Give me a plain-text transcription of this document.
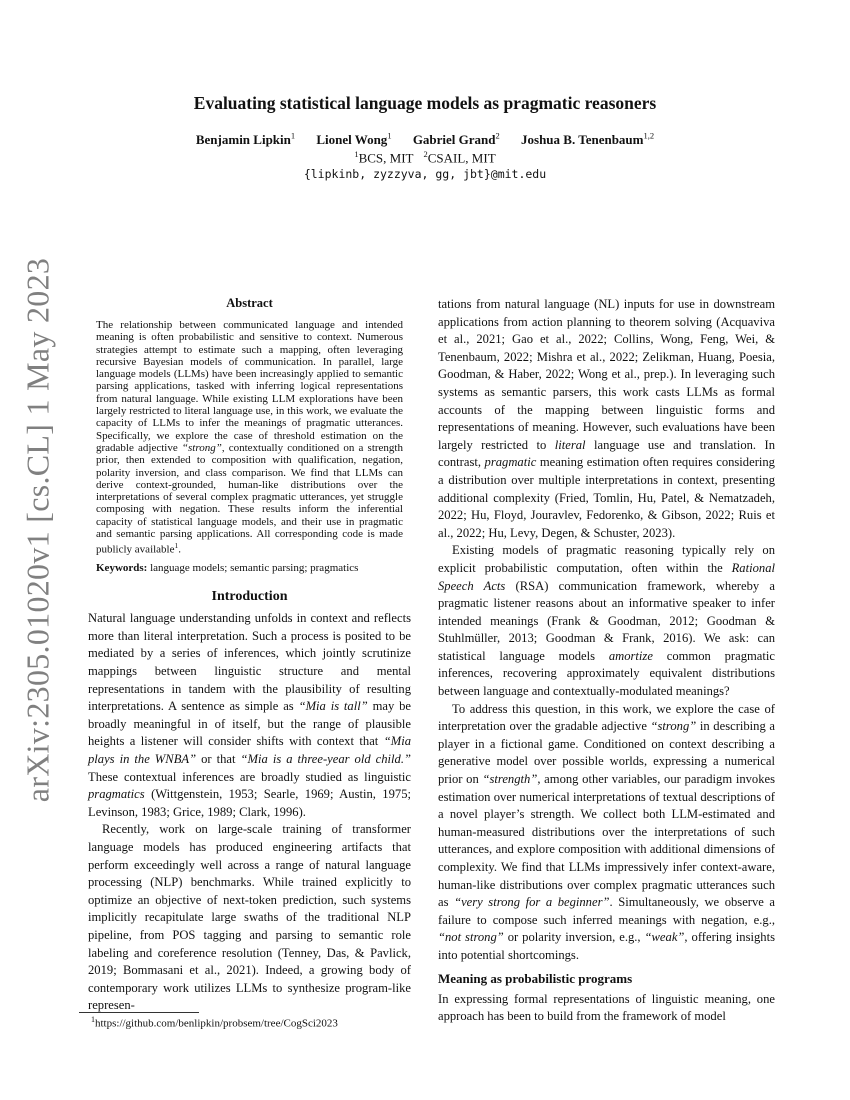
arXiv:2305.01020v1 [cs.CL] 1 May 2023
Evaluating statistical language models as pragmatic reasoners
Benjamin Lipkin$^1$ Lionel Wong$^1$ Gabriel Grand$^2$ Joshua B. Tenenbaum$^{1,2}$
$^1$BCS, MIT $^2$CSAIL, MIT
{lipkinb, zyzzyva, gg, jbt}@mit.edu
Abstract

The relationship between communicated language and intended meaning is often probabilistic and sensitive to context. Numerous strategies attempt to estimate such a mapping, often leveraging recursive Bayesian models of communication. In parallel, large language models (LLMs) have been increasingly applied to semantic parsing applications, tasked with inferring logical representations from natural language. While existing LLM explorations have been largely restricted to literal language use, in this work, we evaluate the capacity of LLMs to infer the meanings of pragmatic utterances. Specifically, we explore the case of threshold estimation on the gradable adjective “strong”, contextually conditioned on a strength prior, then extended to composition with qualification, negation, polarity inversion, and class comparison. We find that LLMs can derive context-grounded, human-like distributions over the interpretations of several complex pragmatic utterances, yet struggle composing with negation. These results inform the inferential capacity of statistical language models, and their use in pragmatic and semantic parsing applications. All corresponding code is made publicly available$^1$.

Keywords: language models; semantic parsing; pragmatics

Introduction

Natural language understanding unfolds in context and reflects more than literal interpretation. Such a process is posited to be mediated by a series of inferences, which jointly scrutinize mappings between linguistic structure and mental representations in tandem with the plausibility of resulting interpretations. A sentence as simple as “Mia is tall” may be broadly meaningful in of itself, but the range of plausible heights a listener will consider shifts with context that “Mia plays in the WNBA” or that “Mia is a three-year old child.” These contextual inferences are broadly studied as linguistic pragmatics (Wittgenstein, 1953; Searle, 1969; Austin, 1975; Levinson, 1983; Grice, 1989; Clark, 1996).

Recently, work on large-scale training of transformer language models has produced engineering artifacts that perform exceedingly well across a range of natural language processing (NLP) benchmarks. While trained explicitly to optimize an objective of next-token prediction, such systems implicitly recapitulate large swaths of the traditional NLP pipeline, from POS tagging and parsing to semantic role labeling and coreference resolution (Tenney, Das, & Pavlick, 2019; Bommasani et al., 2021). Indeed, a growing body of contemporary work utilizes LLMs to synthesize program-like represen-

tations from natural language (NL) inputs for use in downstream applications from action planning to theorem solving (Acquaviva et al., 2021; Gao et al., 2022; Collins, Wong, Feng, Wei, & Tenenbaum, 2022; Mishra et al., 2022; Zelikman, Huang, Poesia, Goodman, & Haber, 2022; Wong et al., prep.). In leveraging such systems as semantic parsers, this work casts LLMs as formal accounts of the mapping between linguistic forms and representations of meaning. However, such evaluations have been largely restricted to literal language use and translation. In contrast, pragmatic meaning estimation often requires considering a distribution over multiple interpretations in context, presenting additional complexity (Fried, Tomlin, Hu, Patel, & Nematzadeh, 2022; Hu, Floyd, Jouravlev, Fedorenko, & Gibson, 2022; Ruis et al., 2022; Hu, Levy, Degen, & Schuster, 2023).

Existing models of pragmatic reasoning typically rely on explicit probabilistic computation, often within the Rational Speech Acts (RSA) communication framework, whereby a pragmatic listener reasons about an informative speaker to infer intended meanings (Frank & Goodman, 2012; Goodman & Stuhlmüller, 2013; Goodman & Frank, 2016). We ask: can statistical language models amortize common pragmatic inferences, recovering approximately equivalent distributions between language and contextually-modulated meanings?

To address this question, in this work, we explore the case of interpretation over the gradable adjective “strong” in describing a player in a fictional game. Conditioned on context describing a generative model over possible worlds, expressing a numerical prior on “strength”, among other variables, our paradigm invokes estimation over numerical interpretations of textual descriptions of a novel player’s strength. We collect both LLM-estimated and human-measured distributions over the interpretations of such utterances, and explore composition with additional dimensions of complexity. We find that LLMs impressively infer context-aware, human-like distributions over complex pragmatic utterances such as “very strong for a beginner”. Simultaneously, we observe a failure to compose such inferred meanings with negation, e.g., “not strong” or polarity inversion, e.g., “weak”, offering insights into potential shortcomings.

Meaning as probabilistic programs

In expressing formal representations of linguistic meaning, one approach has been to build from the framework of model

$^1$https://github.com/benlipkin/probsem/tree/CogSci2023
